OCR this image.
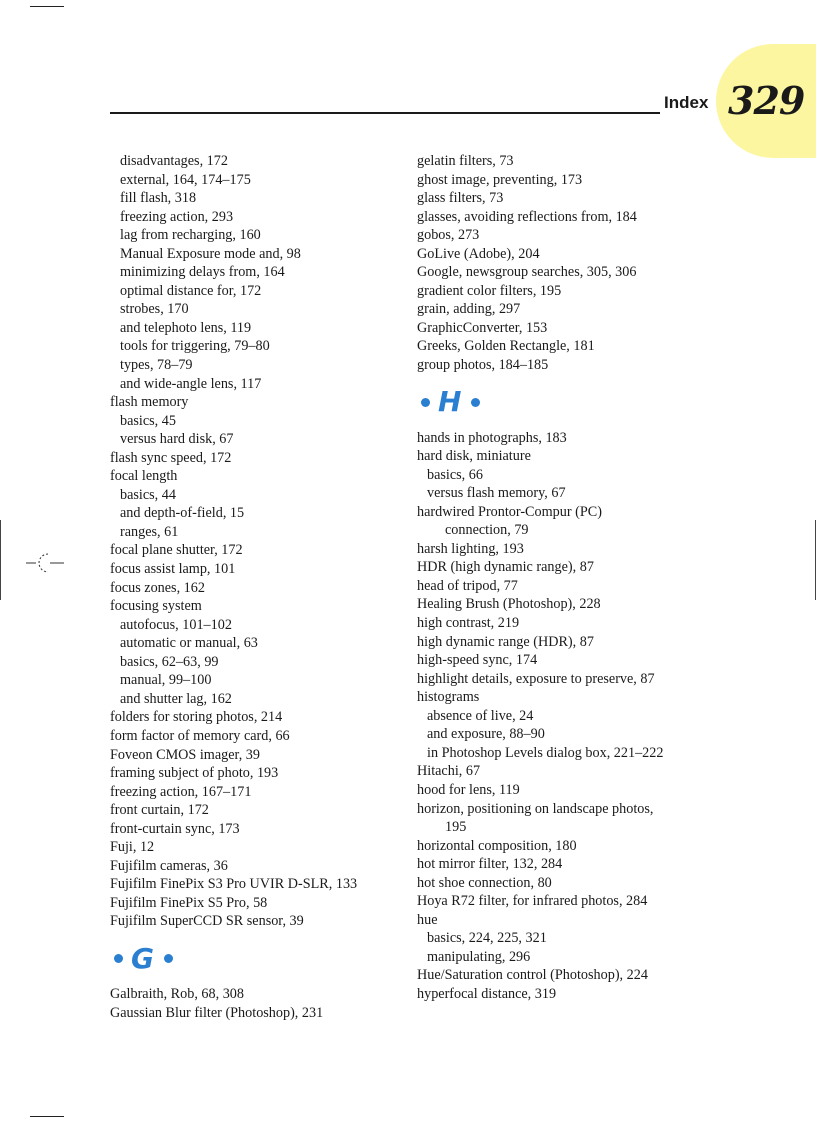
329
Index
disadvantages, 172
external, 164, 174–175
fill flash, 318
freezing action, 293
lag from recharging, 160
Manual Exposure mode and, 98
minimizing delays from, 164
optimal distance for, 172
strobes, 170
and telephoto lens, 119
tools for triggering, 79–80
types, 78–79
and wide-angle lens, 117
flash memory
basics, 45
versus hard disk, 67
flash sync speed, 172
focal length
basics, 44
and depth-of-field, 15
ranges, 61
focal plane shutter, 172
focus assist lamp, 101
focus zones, 162
focusing system
autofocus, 101–102
automatic or manual, 63
basics, 62–63, 99
manual, 99–100
and shutter lag, 162
folders for storing photos, 214
form factor of memory card, 66
Foveon CMOS imager, 39
framing subject of photo, 193
freezing action, 167–171
front curtain, 172
front-curtain sync, 173
Fuji, 12
Fujifilm cameras, 36
Fujifilm FinePix S3 Pro UVIR D-SLR, 133
Fujifilm FinePix S5 Pro, 58
Fujifilm SuperCCD SR sensor, 39
G
Galbraith, Rob, 68, 308
Gaussian Blur filter (Photoshop), 231
gelatin filters, 73
ghost image, preventing, 173
glass filters, 73
glasses, avoiding reflections from, 184
gobos, 273
GoLive (Adobe), 204
Google, newsgroup searches, 305, 306
gradient color filters, 195
grain, adding, 297
GraphicConverter, 153
Greeks, Golden Rectangle, 181
group photos, 184–185
H
hands in photographs, 183
hard disk, miniature
basics, 66
versus flash memory, 67
hardwired Prontor-Compur (PC)
connection, 79
harsh lighting, 193
HDR (high dynamic range), 87
head of tripod, 77
Healing Brush (Photoshop), 228
high contrast, 219
high dynamic range (HDR), 87
high-speed sync, 174
highlight details, exposure to preserve, 87
histograms
absence of live, 24
and exposure, 88–90
in Photoshop Levels dialog box, 221–222
Hitachi, 67
hood for lens, 119
horizon, positioning on landscape photos,
195
horizontal composition, 180
hot mirror filter, 132, 284
hot shoe connection, 80
Hoya R72 filter, for infrared photos, 284
hue
basics, 224, 225, 321
manipulating, 296
Hue/Saturation control (Photoshop), 224
hyperfocal distance, 319
